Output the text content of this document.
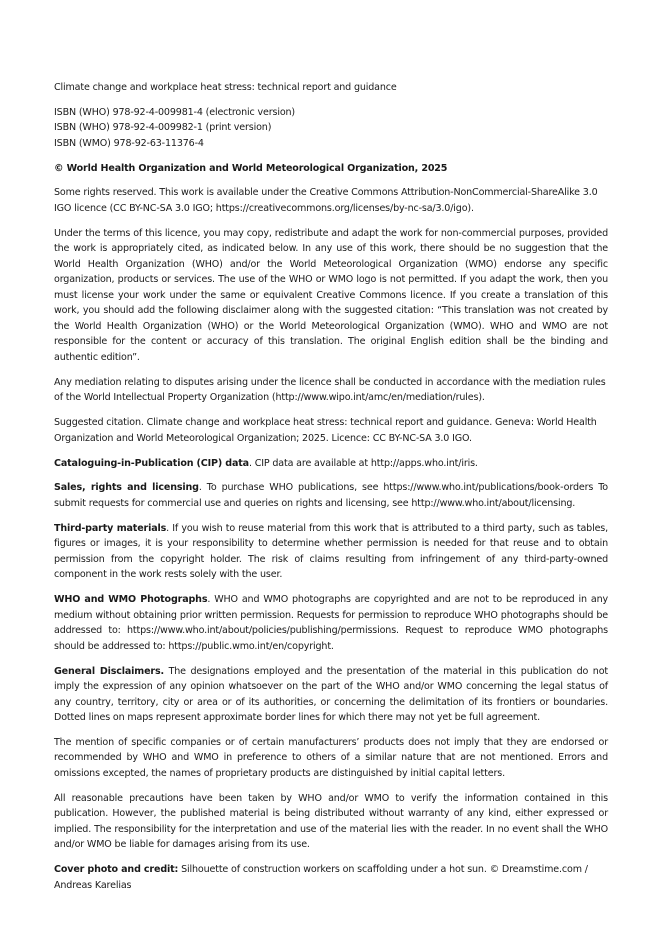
Climate change and workplace heat stress: technical report and guidance

ISBN (WHO) 978-92-4-009981-4 (electronic version)
ISBN (WHO) 978-92-4-009982-1 (print version)
ISBN (WMO) 978-92-63-11376-4

© World Health Organization and World Meteorological Organization, 2025

Some rights reserved. This work is available under the Creative Commons Attribution-NonCommercial-ShareAlike 3.0 IGO licence (CC BY-NC-SA 3.0 IGO; https://creativecommons.org/licenses/by-nc-sa/3.0/igo).

Under the terms of this licence, you may copy, redistribute and adapt the work for non-commercial purposes, provided the work is appropriately cited, as indicated below. In any use of this work, there should be no suggestion that the World Health Organization (WHO) and/or the World Meteorological Organization (WMO) endorse any specific organization, products or services. The use of the WHO or WMO logo is not permitted. If you adapt the work, then you must license your work under the same or equivalent Creative Commons licence. If you create a translation of this work, you should add the following disclaimer along with the suggested citation: “This translation was not created by the World Health Organization (WHO) or the World Meteorological Organization (WMO). WHO and WMO are not responsible for the content or accuracy of this translation. The original English edition shall be the binding and authentic edition”.

Any mediation relating to disputes arising under the licence shall be conducted in accordance with the mediation rules of the World Intellectual Property Organization (http://www.wipo.int/amc/en/mediation/rules).

Suggested citation. Climate change and workplace heat stress: technical report and guidance. Geneva: World Health Organization and World Meteorological Organization; 2025. Licence: CC BY-NC-SA 3.0 IGO.

Cataloguing-in-Publication (CIP) data. CIP data are available at http://apps.who.int/iris.

Sales, rights and licensing. To purchase WHO publications, see https://www.who.int/publications/book-orders To submit requests for commercial use and queries on rights and licensing, see http://www.who.int/about/licensing.

Third-party materials. If you wish to reuse material from this work that is attributed to a third party, such as tables, figures or images, it is your responsibility to determine whether permission is needed for that reuse and to obtain permission from the copyright holder. The risk of claims resulting from infringement of any third-party-owned component in the work rests solely with the user.

WHO and WMO Photographs. WHO and WMO photographs are copyrighted and are not to be reproduced in any medium without obtaining prior written permission. Requests for permission to reproduce WHO photographs should be addressed to: https://www.who.int/about/policies/publishing/permissions. Request to reproduce WMO photographs should be addressed to: https://public.wmo.int/en/copyright.

General Disclaimers. The designations employed and the presentation of the material in this publication do not imply the expression of any opinion whatsoever on the part of the WHO and/or WMO concerning the legal status of any country, territory, city or area or of its authorities, or concerning the delimitation of its frontiers or boundaries. Dotted lines on maps represent approximate border lines for which there may not yet be full agreement.

The mention of specific companies or of certain manufacturers’ products does not imply that they are endorsed or recommended by WHO and WMO in preference to others of a similar nature that are not mentioned. Errors and omissions excepted, the names of proprietary products are distinguished by initial capital letters.

All reasonable precautions have been taken by WHO and/or WMO to verify the information contained in this publication. However, the published material is being distributed without warranty of any kind, either expressed or implied. The responsibility for the interpretation and use of the material lies with the reader. In no event shall the WHO and/or WMO be liable for damages arising from its use.

Cover photo and credit: Silhouette of construction workers on scaffolding under a hot sun. © Dreamstime.com / Andreas Karelias
